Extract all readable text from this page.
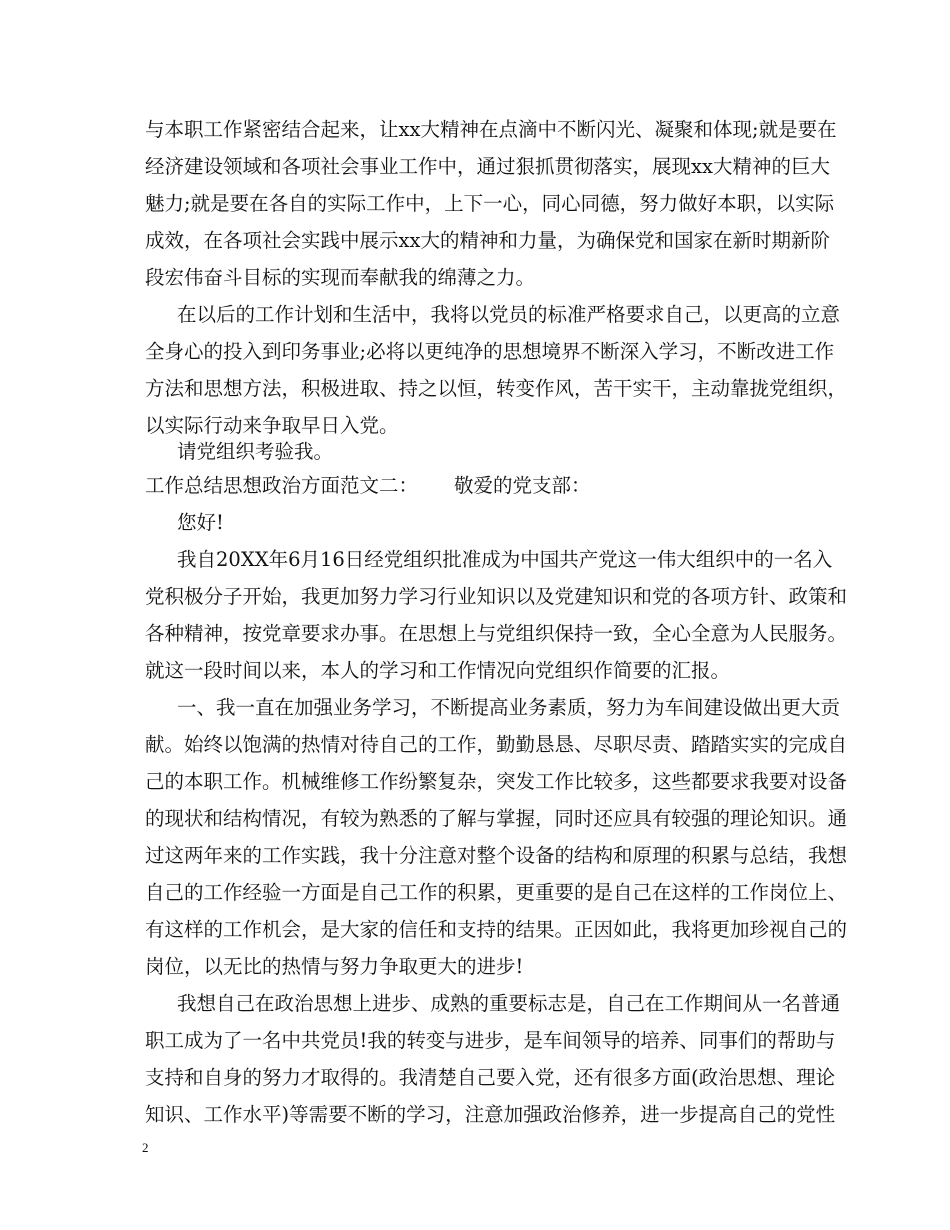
与本职工作紧密结合起来，让xx大精神在点滴中不断闪光、凝聚和体现;就是要在
经济建设领域和各项社会事业工作中，通过狠抓贯彻落实，展现xx大精神的巨大
魅力;就是要在各自的实际工作中，上下一心，同心同德，努力做好本职，以实际
成效，在各项社会实践中展示xx大的精神和力量，为确保党和国家在新时期新阶
段宏伟奋斗目标的实现而奉献我的绵薄之力。
在以后的工作计划和生活中，我将以党员的标准严格要求自己，以更高的立意
全身心的投入到印务事业;必将以更纯净的思想境界不断深入学习，不断改进工作
方法和思想方法，积极进取、持之以恒，转变作风，苦干实干，主动靠拢党组织，
以实际行动来争取早日入党。
请党组织考验我。
工作总结思想政治方面范文二： 敬爱的党支部：
您好!
我自20XX年6月16日经党组织批准成为中国共产党这一伟大组织中的一名入
党积极分子开始，我更加努力学习行业知识以及党建知识和党的各项方针、政策和
各种精神，按党章要求办事。在思想上与党组织保持一致，全心全意为人民服务。
就这一段时间以来，本人的学习和工作情况向党组织作简要的汇报。
一、我一直在加强业务学习，不断提高业务素质，努力为车间建设做出更大贡
献。始终以饱满的热情对待自己的工作，勤勤恳恳、尽职尽责、踏踏实实的完成自
己的本职工作。机械维修工作纷繁复杂，突发工作比较多，这些都要求我要对设备
的现状和结构情况，有较为熟悉的了解与掌握，同时还应具有较强的理论知识。通
过这两年来的工作实践，我十分注意对整个设备的结构和原理的积累与总结，我想
自己的工作经验一方面是自己工作的积累，更重要的是自己在这样的工作岗位上、
有这样的工作机会，是大家的信任和支持的结果。正因如此，我将更加珍视自己的
岗位，以无比的热情与努力争取更大的进步!
我想自己在政治思想上进步、成熟的重要标志是，自己在工作期间从一名普通
职工成为了一名中共党员!我的转变与进步，是车间领导的培养、同事们的帮助与
支持和自身的努力才取得的。我清楚自己要入党，还有很多方面(政治思想、理论
知识、工作水平)等需要不断的学习，注意加强政治修养，进一步提高自己的党性
2
